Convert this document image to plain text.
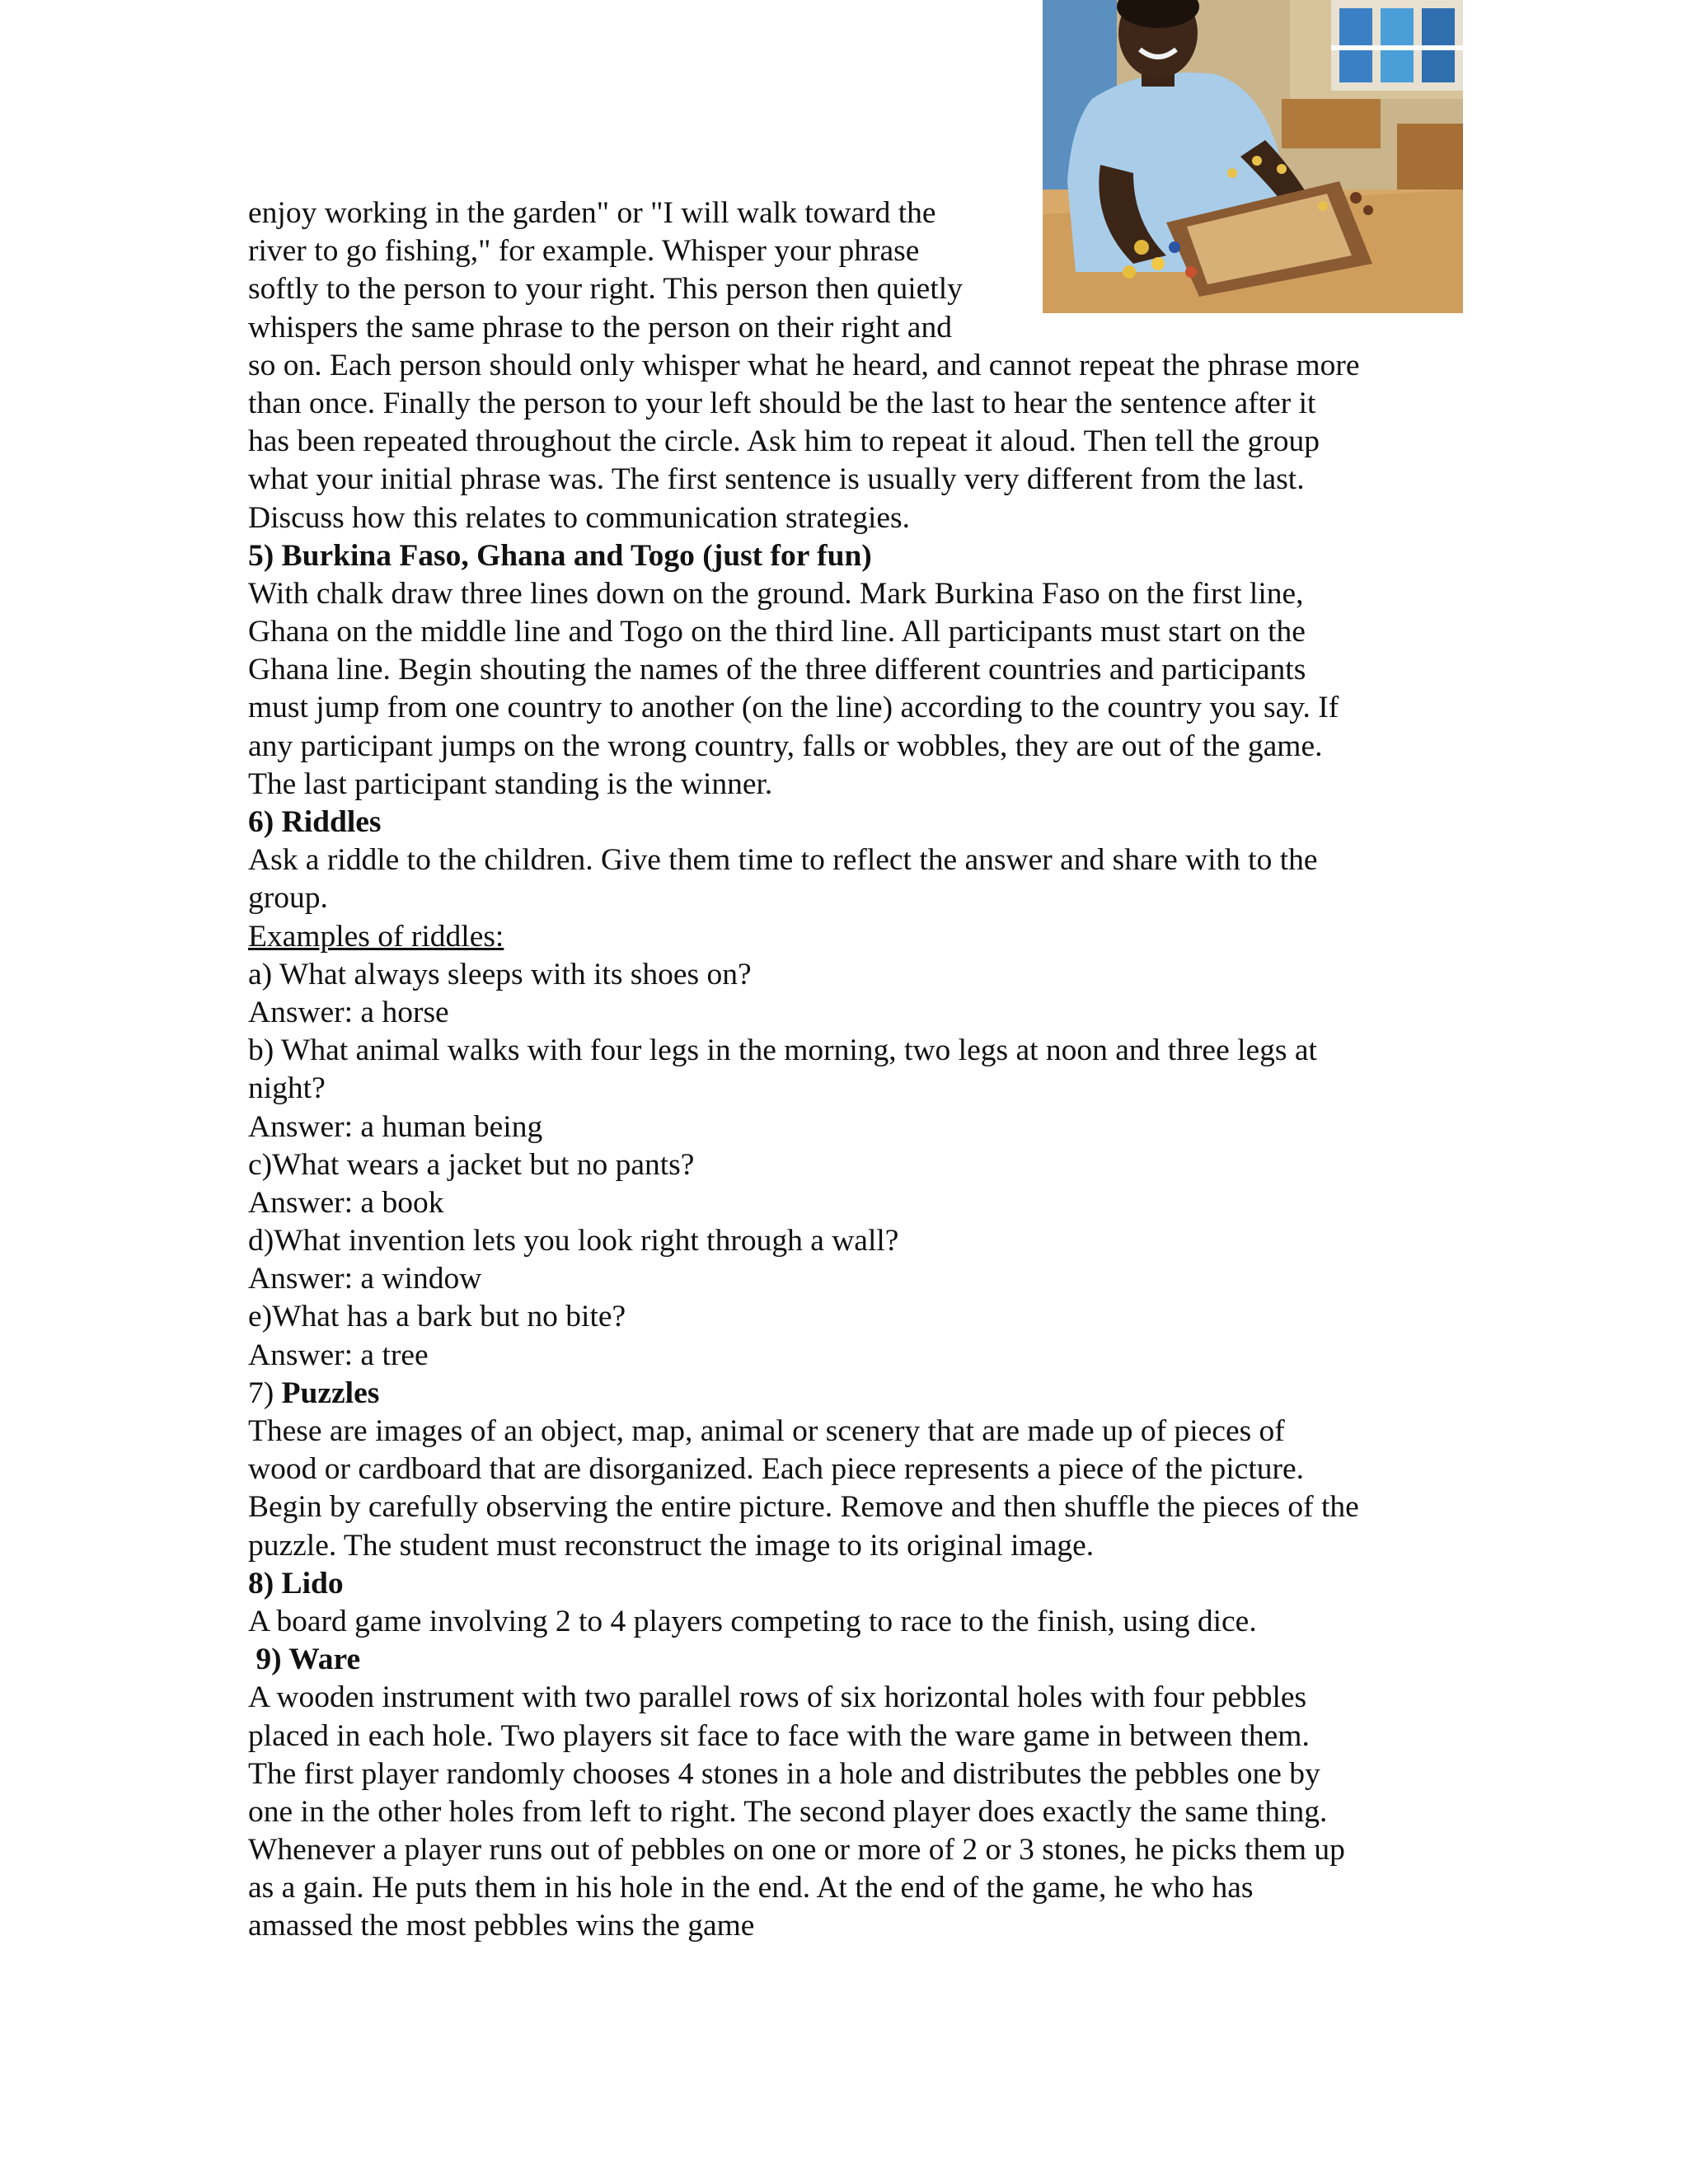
enjoy working in the garden" or "I will walk toward the
river to go fishing," for example. Whisper your phrase
softly to the person to your right. This person then quietly
whispers the same phrase to the person on their right and
so on. Each person should only whisper what he heard, and cannot repeat the phrase more
than once. Finally the person to your left should be the last to hear the sentence after it
has been repeated throughout the circle. Ask him to repeat it aloud. Then tell the group
what your initial phrase was. The first sentence is usually very different from the last.
Discuss how this relates to communication strategies.
5) Burkina Faso, Ghana and Togo (just for fun)
With chalk draw three lines down on the ground. Mark Burkina Faso on the first line,
Ghana on the middle line and Togo on the third line. All participants must start on the
Ghana line. Begin shouting the names of the three different countries and participants
must jump from one country to another (on the line) according to the country you say. If
any participant jumps on the wrong country, falls or wobbles, they are out of the game.
The last participant standing is the winner.
6) Riddles
Ask a riddle to the children. Give them time to reflect the answer and share with to the
group.
Examples of riddles:
a) What always sleeps with its shoes on?
Answer: a horse
b) What animal walks with four legs in the morning, two legs at noon and three legs at
night?
Answer: a human being
c)What wears a jacket but no pants?
Answer: a book
d)What invention lets you look right through a wall?
Answer: a window
e)What has a bark but no bite?
Answer: a tree
7) Puzzles
These are images of an object, map, animal or scenery that are made up of pieces of
wood or cardboard that are disorganized. Each piece represents a piece of the picture.
Begin by carefully observing the entire picture. Remove and then shuffle the pieces of the
puzzle. The student must reconstruct the image to its original image.
8) Lido
A board game involving 2 to 4 players competing to race to the finish, using dice.
9) Ware
A wooden instrument with two parallel rows of six horizontal holes with four pebbles
placed in each hole. Two players sit face to face with the ware game in between them.
The first player randomly chooses 4 stones in a hole and distributes the pebbles one by
one in the other holes from left to right. The second player does exactly the same thing.
Whenever a player runs out of pebbles on one or more of 2 or 3 stones, he picks them up
as a gain. He puts them in his hole in the end. At the end of the game, he who has
amassed the most pebbles wins the game
